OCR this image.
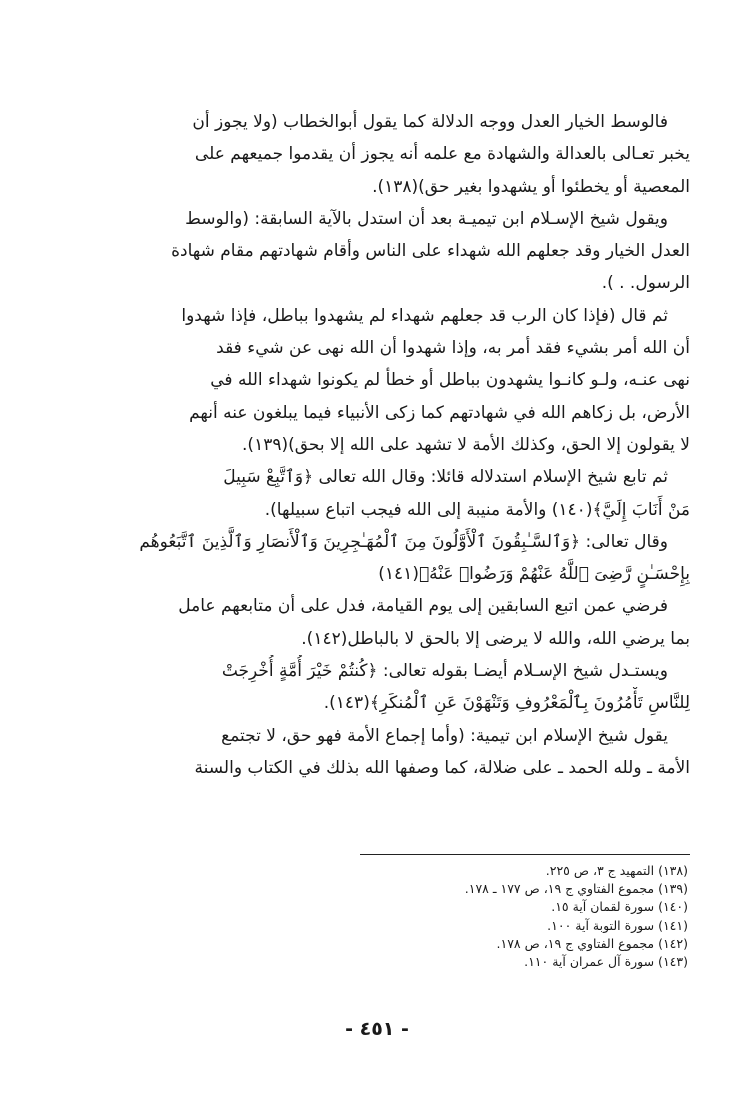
فالوسط الخيار العدل ووجه الدلالة كما يقول أبوالخطاب (ولا يجوز أن
يخبر تعـالى بالعدالة والشهادة مع علمه أنه يجوز أن يقدموا جميعهم على
المعصية أو يخطئوا أو يشهدوا بغير حق)(١٣٨).

ويقول شيخ الإسـلام ابن تيميـة بعد أن استدل بالآية السابقة: (والوسط
العدل الخيار وقد جعلهم الله شهداء على الناس وأقام شهادتهم مقام شهادة
الرسول. . ).

ثم قال (فإذا كان الرب قد جعلهم شهداء لم يشهدوا بباطل، فإذا شهدوا
أن الله أمر بشيء فقد أمر به، وإذا شهدوا أن الله نهى عن شيء فقد
نهى عنـه، ولـو كانـوا يشهدون بباطل أو خطأ لم يكونوا شهداء الله في
الأرض، بل زكاهم الله في شهادتهم كما زكى الأنبياء فيما يبلغون عنه أنهم
لا يقولون إلا الحق، وكذلك الأمة لا تشهد على الله إلا بحق)(١٣٩).

ثم تابع شيخ الإسلام استدلاله قائلا: وقال الله تعالى ﴿وَٱتَّبِعْ سَبِيلَ
مَنْ أَنَابَ إِلَيَّ﴾(١٤٠) والأمة منيبة إلى الله فيجب اتباع سبيلها).

وقال تعالى: ﴿وَٱلسَّـٰبِقُونَ ٱلْأَوَّلُونَ مِنَ ٱلْمُهَـٰجِرِينَ وَٱلْأَنصَارِ وَٱلَّذِينَ ٱتَّبَعُوهُم
بِإِحْسَـٰنٍ رَّضِىَ ٱللَّهُ عَنْهُمْ وَرَضُوا۟ عَنْهُ﴾(١٤١)

فرضي عمن اتبع السابقين إلى يوم القيامة، فدل على أن متابعهم عامل
بما يرضي الله، والله لا يرضى إلا بالحق لا بالباطل(١٤٢).

ويستـدل شيخ الإسـلام أيضـا بقوله تعالى: ﴿كُنتُمْ خَيْرَ أُمَّةٍ أُخْرِجَتْ
لِلنَّاسِ تَأْمُرُونَ بِٱلْمَعْرُوفِ وَتَنْهَوْنَ عَنِ ٱلْمُنكَرِ﴾(١٤٣).

يقول شيخ الإسلام ابن تيمية: (وأما إجماع الأمة فهو حق، لا تجتمع
الأمة ـ ولله الحمد ـ على ضلالة، كما وصفها الله بذلك في الكتاب والسنة

(١٣٨) التمهيد ج ٣، ص ٢٢٥.
(١٣٩) مجموع الفتاوي ج ١٩، ص ١٧٧ ـ ١٧٨.
(١٤٠) سورة لقمان آية ١٥.
(١٤١) سورة التوبة آية ١٠٠.
(١٤٢) مجموع الفتاوي ج ١٩، ص ١٧٨.
(١٤٣) سورة آل عمران آية ١١٠.
- ٤٥١ -
